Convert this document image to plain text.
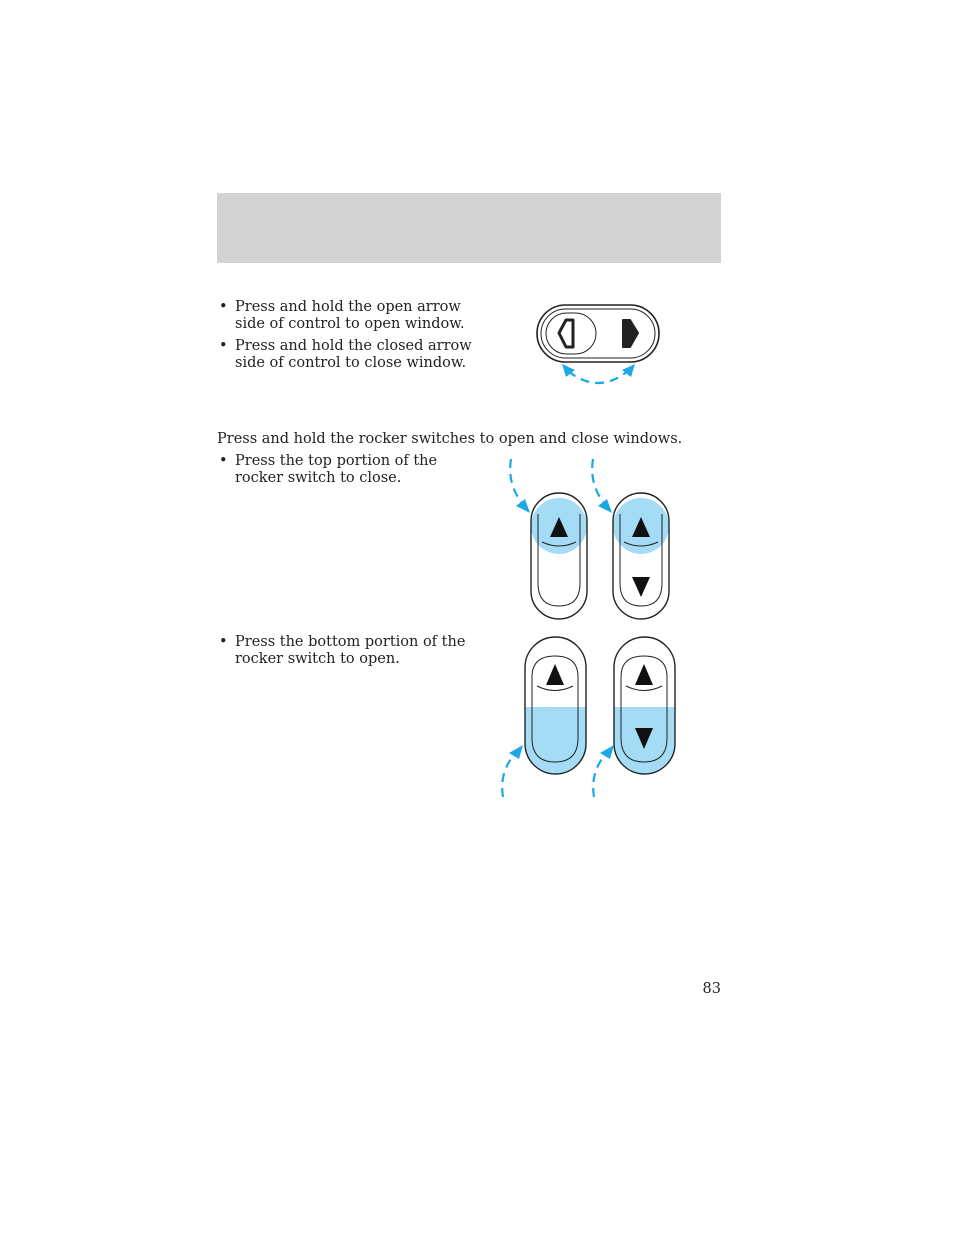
• Press and hold the open arrow side of control to open window.
• Press and hold the closed arrow side of control to close window.
Press and hold the rocker switches to open and close windows.
• Press the top portion of the rocker switch to close.
• Press the bottom portion of the rocker switch to open.
83
